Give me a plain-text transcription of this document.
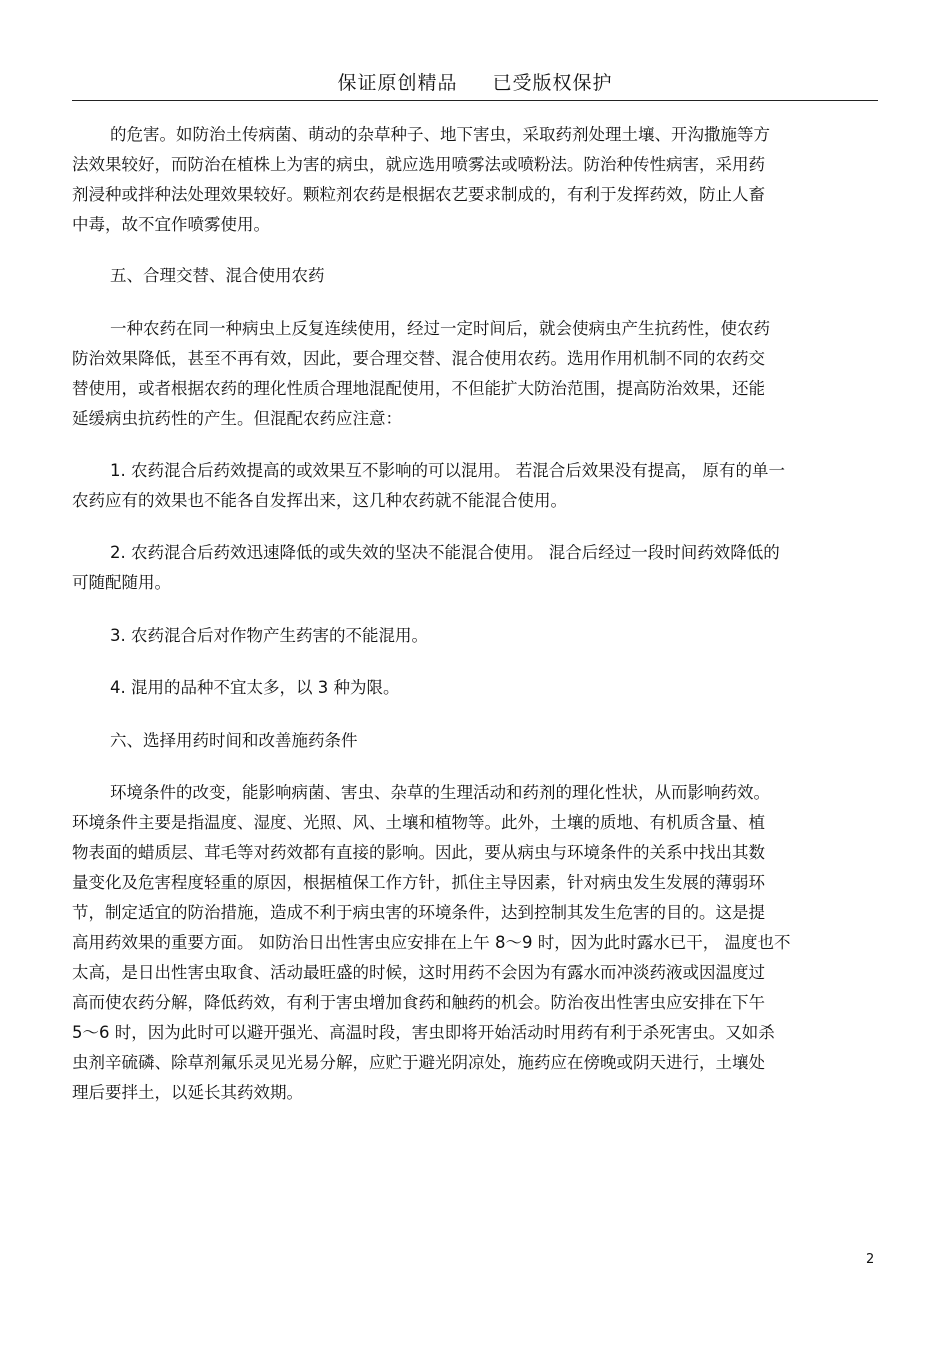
保证原创精品 已受版权保护
的危害。如防治土传病菌、萌动的杂草种子、地下害虫，采取药剂处理土壤、开沟撒施等方
法效果较好，而防治在植株上为害的病虫，就应选用喷雾法或喷粉法。防治种传性病害，采用药
剂浸种或拌种法处理效果较好。颗粒剂农药是根据农艺要求制成的，有利于发挥药效，防止人畜
中毒，故不宜作喷雾使用。
五、合理交替、混合使用农药
一种农药在同一种病虫上反复连续使用，经过一定时间后，就会使病虫产生抗药性，使农药
防治效果降低，甚至不再有效，因此，要合理交替、混合使用农药。选用作用机制不同的农药交
替使用，或者根据农药的理化性质合理地混配使用，不但能扩大防治范围，提高防治效果，还能
延缓病虫抗药性的产生。但混配农药应注意：
1. 农药混合后药效提高的或效果互不影响的可以混用。 若混合后效果没有提高， 原有的单一
农药应有的效果也不能各自发挥出来，这几种农药就不能混合使用。
2. 农药混合后药效迅速降低的或失效的坚决不能混合使用。 混合后经过一段时间药效降低的
可随配随用。
3. 农药混合后对作物产生药害的不能混用。
4. 混用的品种不宜太多，以 3 种为限。
六、选择用药时间和改善施药条件
环境条件的改变，能影响病菌、害虫、杂草的生理活动和药剂的理化性状，从而影响药效。
环境条件主要是指温度、湿度、光照、风、土壤和植物等。此外，土壤的质地、有机质含量、植
物表面的蜡质层、茸毛等对药效都有直接的影响。因此，要从病虫与环境条件的关系中找出其数
量变化及危害程度轻重的原因，根据植保工作方针，抓住主导因素，针对病虫发生发展的薄弱环
节，制定适宜的防治措施，造成不利于病虫害的环境条件，达到控制其发生危害的目的。这是提
高用药效果的重要方面。 如防治日出性害虫应安排在上午 8～9 时，因为此时露水已干， 温度也不
太高，是日出性害虫取食、活动最旺盛的时候，这时用药不会因为有露水而冲淡药液或因温度过
高而使农药分解，降低药效，有利于害虫增加食药和触药的机会。防治夜出性害虫应安排在下午
5～6 时，因为此时可以避开强光、高温时段，害虫即将开始活动时用药有利于杀死害虫。又如杀
虫剂辛硫磷、除草剂氟乐灵见光易分解，应贮于避光阴凉处，施药应在傍晚或阴天进行，土壤处
理后要拌土，以延长其药效期。
2
